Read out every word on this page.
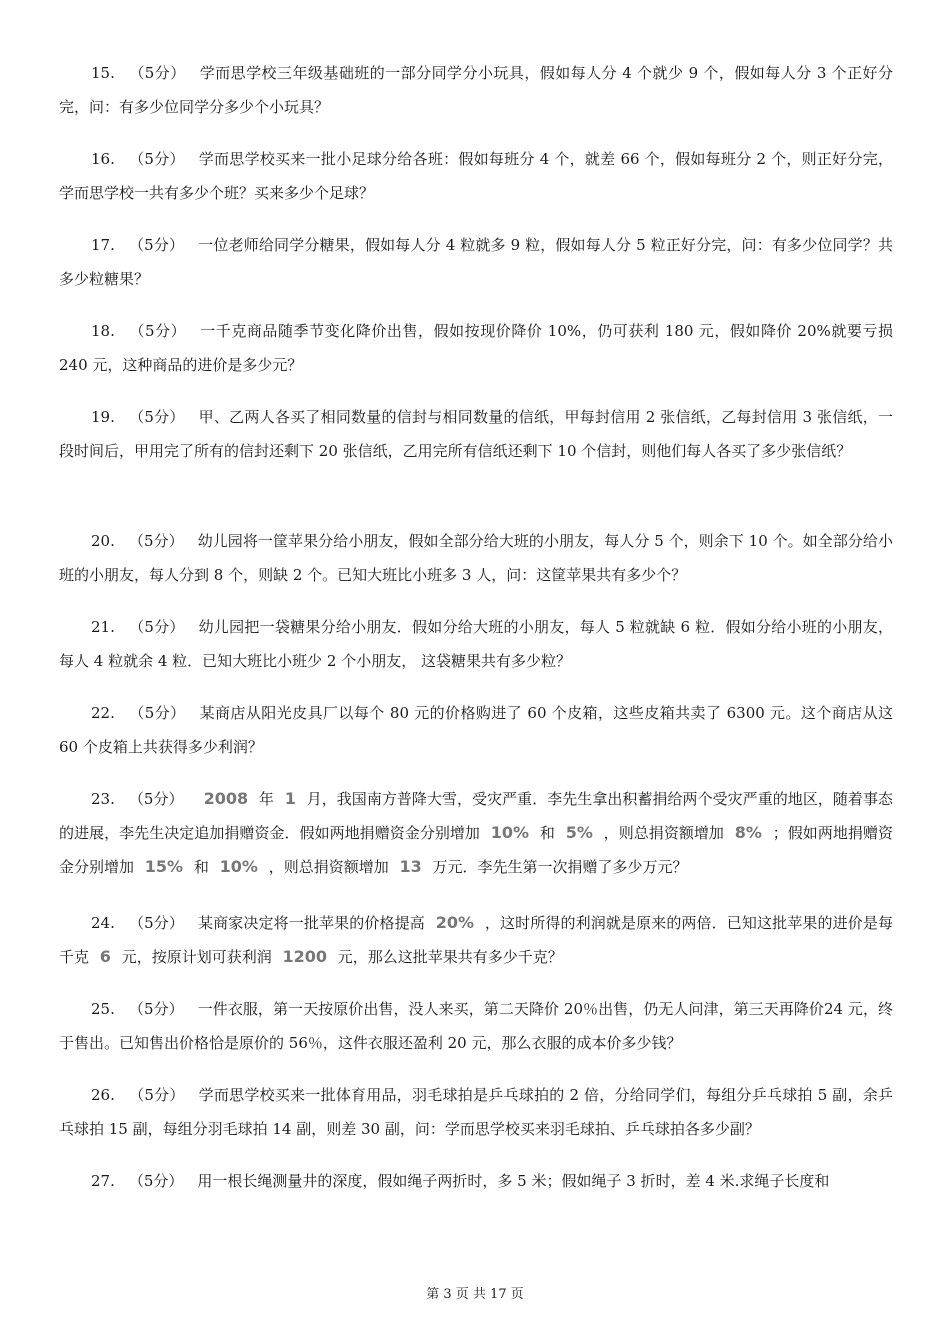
15. （5分） 学而思学校三年级基础班的一部分同学分小玩具，假如每人分 4 个就少 9 个，假如每人分 3 个正好分完，问：有多少位同学分多少个小玩具？

16. （5分） 学而思学校买来一批小足球分给各班：假如每班分 4 个，就差 66 个，假如每班分 2 个，则正好分完，学而思学校一共有多少个班？买来多少个足球？

17. （5分） 一位老师给同学分糖果，假如每人分 4 粒就多 9 粒，假如每人分 5 粒正好分完，问：有多少位同学？共多少粒糖果？

18. （5分） 一千克商品随季节变化降价出售，假如按现价降价 10%，仍可获利 180 元，假如降价 20%就要亏损 240 元，这种商品的进价是多少元？

19. （5分） 甲、乙两人各买了相同数量的信封与相同数量的信纸，甲每封信用 2 张信纸，乙每封信用 3 张信纸，一段时间后，甲用完了所有的信封还剩下 20 张信纸，乙用完所有信纸还剩下 10 个信封，则他们每人各买了多少张信纸？

20. （5分） 幼儿园将一筐苹果分给小朋友，假如全部分给大班的小朋友，每人分 5 个，则余下 10 个。如全部分给小班的小朋友，每人分到 8 个，则缺 2 个。已知大班比小班多 3 人，问：这筐苹果共有多少个？

21. （5分） 幼儿园把一袋糖果分给小朋友．假如分给大班的小朋友，每人 5 粒就缺 6 粒．假如分给小班的小朋友，每人 4 粒就余 4 粒．已知大班比小班少 2 个小朋友， 这袋糖果共有多少粒？

22. （5分） 某商店从阳光皮具厂以每个 80 元的价格购进了 60 个皮箱，这些皮箱共卖了 6300 元。这个商店从这 60 个皮箱上共获得多少利润？

23. （5分） 2008 年 1 月，我国南方普降大雪，受灾严重．李先生拿出积蓄捐给两个受灾严重的地区，随着事态的进展，李先生决定追加捐赠资金．假如两地捐赠资金分别增加 10% 和 5% ，则总捐资额增加 8% ；假如两地捐赠资金分别增加 15% 和 10% ，则总捐资额增加 13 万元．李先生第一次捐赠了多少万元？

24. （5分） 某商家决定将一批苹果的价格提高 20% ，这时所得的利润就是原来的两倍．已知这批苹果的进价是每千克 6 元，按原计划可获利润 1200 元，那么这批苹果共有多少千克？

25. （5分） 一件衣服，第一天按原价出售，没人来买，第二天降价 20％出售，仍无人问津，第三天再降价24 元，终于售出。已知售出价格恰是原价的 56％，这件衣服还盈利 20 元，那么衣服的成本价多少钱？

26. （5分） 学而思学校买来一批体育用品，羽毛球拍是乒乓球拍的 2 倍，分给同学们，每组分乒乓球拍 5 副，余乒乓球拍 15 副，每组分羽毛球拍 14 副，则差 30 副，问：学而思学校买来羽毛球拍、乒乓球拍各多少副？

27. （5分） 用一根长绳测量井的深度，假如绳子两折时，多 5 米；假如绳子 3 折时，差 4 米.求绳子长度和

第 3 页 共 17 页
